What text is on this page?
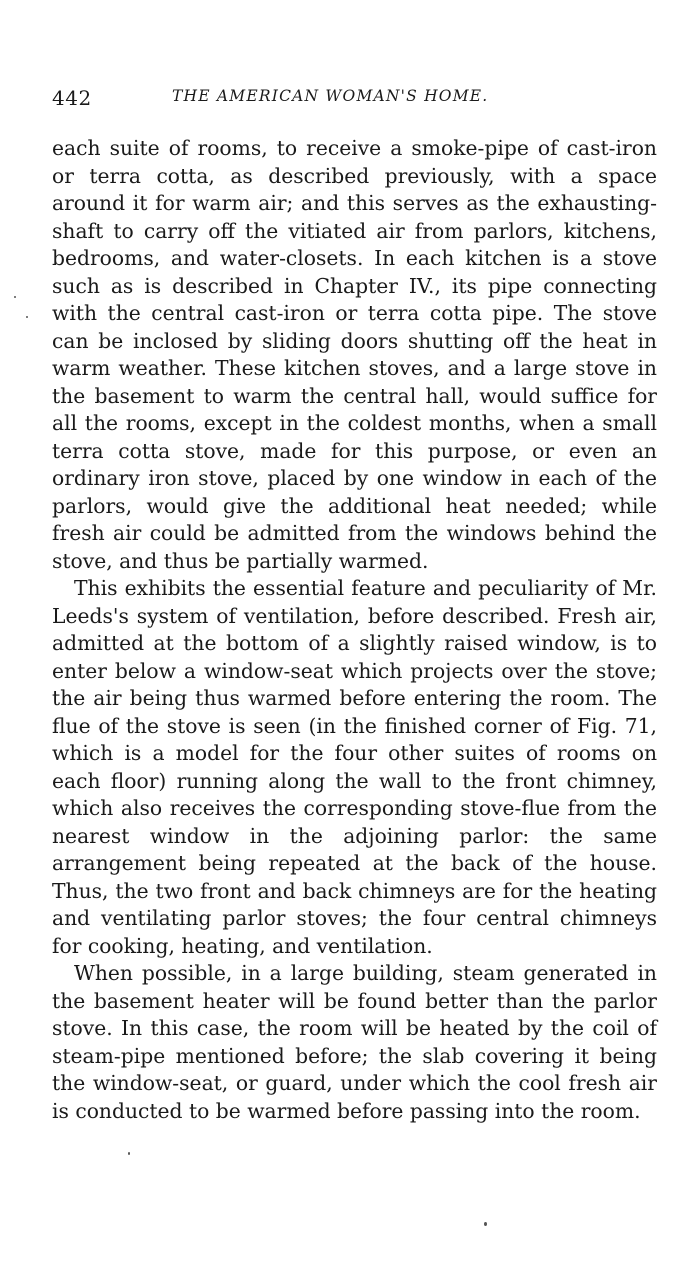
442	THE AMERICAN WOMAN'S HOME.

each suite of rooms, to receive a smoke-pipe of cast-iron or terra cotta, as described previously, with a space around it for warm air; and this serves as the exhausting-shaft to carry off the vitiated air from parlors, kitchens, bedrooms, and water-closets. In each kitchen is a stove such as is described in Chapter IV., its pipe connecting with the central cast-iron or terra cotta pipe. The stove can be inclosed by sliding doors shutting off the heat in warm weather. These kitchen stoves, and a large stove in the basement to warm the central hall, would suffice for all the rooms, except in the coldest months, when a small terra cotta stove, made for this purpose, or even an ordinary iron stove, placed by one window in each of the parlors, would give the additional heat needed; while fresh air could be admitted from the windows behind the stove, and thus be partially warmed.

This exhibits the essential feature and peculiarity of Mr. Leeds's system of ventilation, before described. Fresh air, admitted at the bottom of a slightly raised window, is to enter below a window-seat which projects over the stove; the air being thus warmed before entering the room. The flue of the stove is seen (in the finished corner of Fig. 71, which is a model for the four other suites of rooms on each floor) running along the wall to the front chimney, which also receives the corresponding stove-flue from the nearest window in the adjoining parlor: the same arrangement being repeated at the back of the house. Thus, the two front and back chimneys are for the heating and ventilating parlor stoves; the four central chimneys for cooking, heating, and ventilation.

When possible, in a large building, steam generated in the basement heater will be found better than the parlor stove. In this case, the room will be heated by the coil of steam-pipe mentioned before; the slab covering it being the window-seat, or guard, under which the cool fresh air is conducted to be warmed before passing into the room.
